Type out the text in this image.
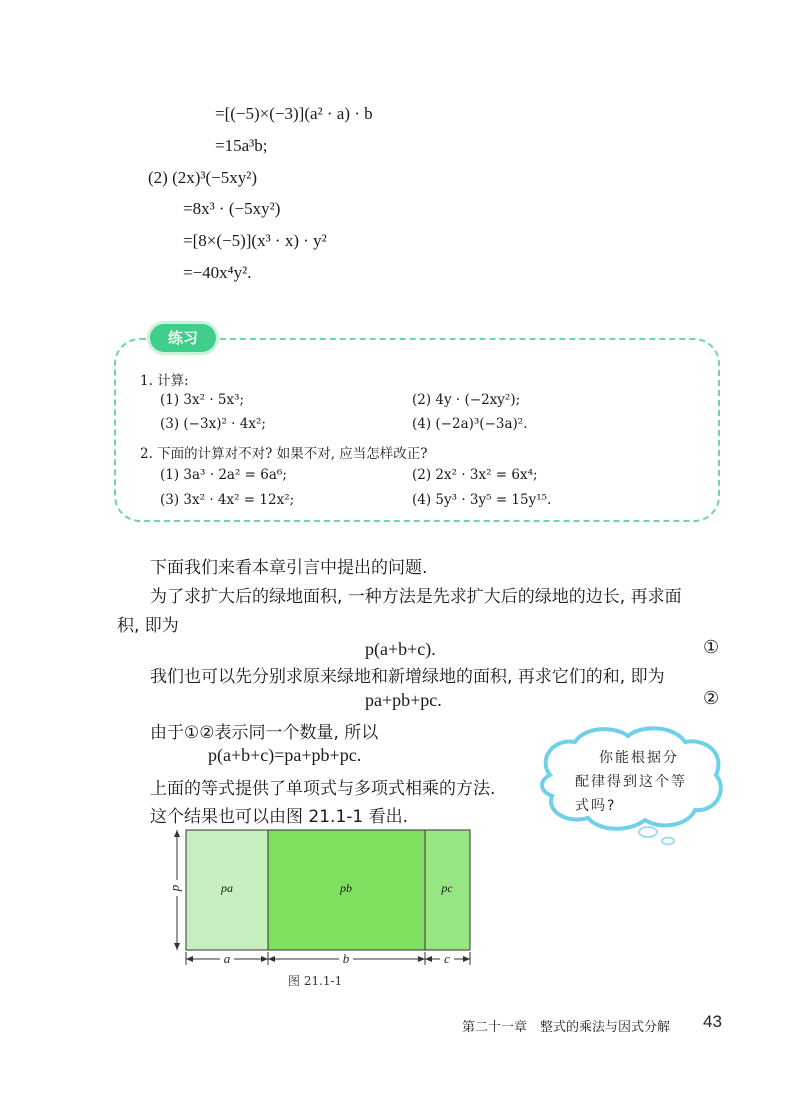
=[(−5)×(−3)](a² · a) · b
=15a³b;
(2) (2x)³(−5xy²)
=8x³ · (−5xy²)
=[8×(−5)](x³ · x) · y²
=−40x⁴y².
练习
1. 计算:
(1) 3x² · 5x³;	(2) 4y · (−2xy²);
(3) (−3x)² · 4x²;	(4) (−2a)³(−3a)².
2. 下面的计算对不对? 如果不对, 应当怎样改正?
(1) 3a³ · 2a² = 6a⁶;	(2) 2x² · 3x² = 6x⁴;
(3) 3x² · 4x² = 12x²;	(4) 5y³ · 3y⁵ = 15y¹⁵.
下面我们来看本章引言中提出的问题.
为了求扩大后的绿地面积, 一种方法是先求扩大后的绿地的边长, 再求面
积, 即为
p(a+b+c).	①
我们也可以先分别求原来绿地和新增绿地的面积, 再求它们的和, 即为
pa+pb+pc.	②
由于①②表示同一个数量, 所以
p(a+b+c)=pa+pb+pc.
上面的等式提供了单项式与多项式相乘的方法.
这个结果也可以由图 21.1-1 看出.
你能根据分
配律得到这个等
式吗?
pa	pb	pc
p
a	b	c
图 21.1-1
第二十一章　整式的乘法与因式分解 43
